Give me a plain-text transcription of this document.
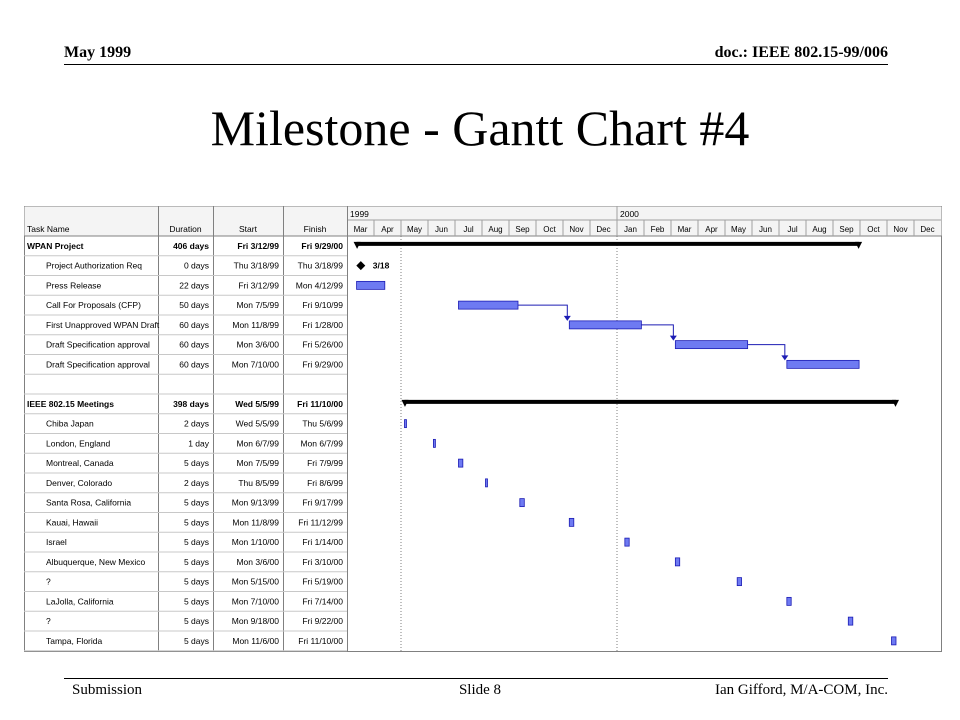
May 1999	doc.: IEEE 802.15-99/006
Milestone - Gantt Chart #4
Task Name	Duration	Start	Finish
1999	2000
Mar Apr May Jun Jul Aug Sep Oct Nov Dec Jan Feb Mar Apr May Jun Jul Aug Sep Oct Nov Dec
WPAN Project	406 days	Fri 3/12/99	Fri 9/29/00
Project Authorization Req	0 days	Thu 3/18/99 Thu 3/18/99	3/18
Press Release	22 days	Fri 3/12/99 Mon 4/12/99
Call For Proposals (CFP)	50 days	Mon 7/5/99	Fri 9/10/99
First Unapproved WPAN Draft 60 days	Mon 11/8/99	Fri 1/28/00
Draft Specification approval	60 days	Mon 3/6/00	Fri 5/26/00
Draft Specification approval	60 days	Mon 7/10/00	Fri 9/29/00
IEEE 802.15 Meetings	398 days	Wed 5/5/99 Fri 11/10/00
Chiba Japan	2 days	Wed 5/5/99	Thu 5/6/99
London, England	1 day	Mon 6/7/99	Mon 6/7/99
Montreal, Canada	5 days	Mon 7/5/99	Fri 7/9/99
Denver, Colorado	2 days	Thu 8/5/99	Fri 8/6/99
Santa Rosa, California	5 days	Mon 9/13/99	Fri 9/17/99
Kauai, Hawaii	5 days	Mon 11/8/99 Fri 11/12/99
Israel	5 days	Mon 1/10/00	Fri 1/14/00
Albuquerque, New Mexico	5 days	Mon 3/6/00	Fri 3/10/00
?	5 days	Mon 5/15/00	Fri 5/19/00
LaJolla, California	5 days	Mon 7/10/00	Fri 7/14/00
?	5 days	Mon 9/18/00	Fri 9/22/00
Tampa, Florida	5 days	Mon 11/6/00 Fri 11/10/00
Submission	Slide 8	Ian Gifford, M/A-COM, Inc.
